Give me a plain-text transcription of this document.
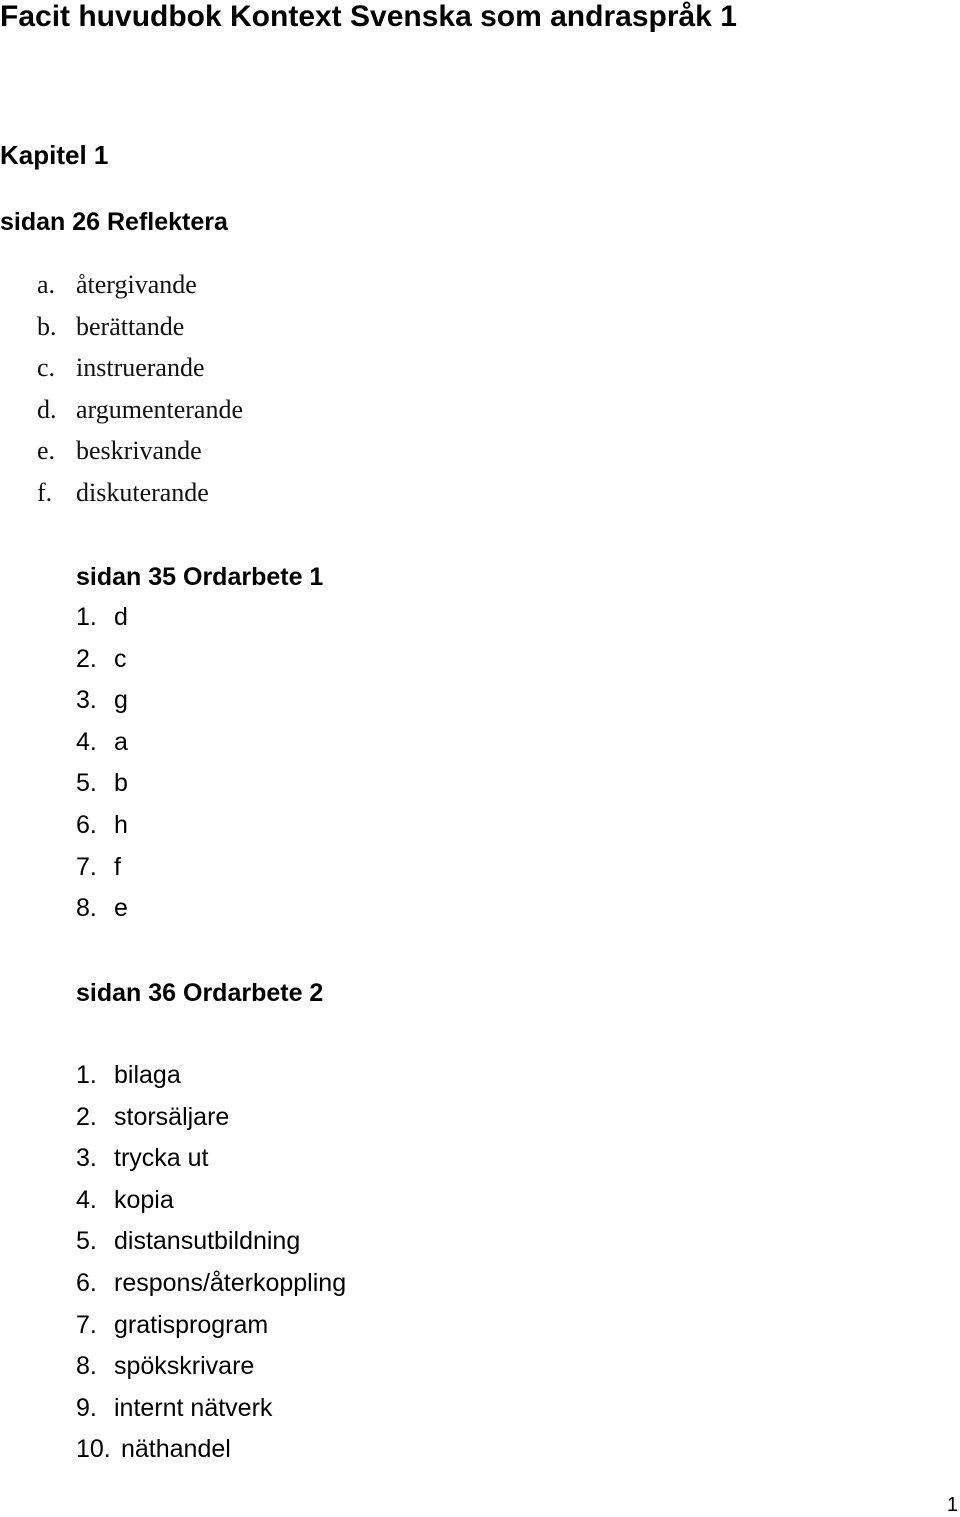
Facit huvudbok Kontext Svenska som andraspråk 1
Kapitel 1
sidan 26 Reflektera
a. återgivande
b. berättande
c. instruerande
d. argumenterande
e. beskrivande
f. diskuterande
sidan 35 Ordarbete 1
1. d
2. c
3. g
4. a
5. b
6. h
7. f
8. e
sidan 36 Ordarbete 2
1. bilaga
2. storsäljare
3. trycka ut
4. kopia
5. distansutbildning
6. respons/återkoppling
7. gratisprogram
8. spökskrivare
9. internt nätverk
10. näthandel
1
